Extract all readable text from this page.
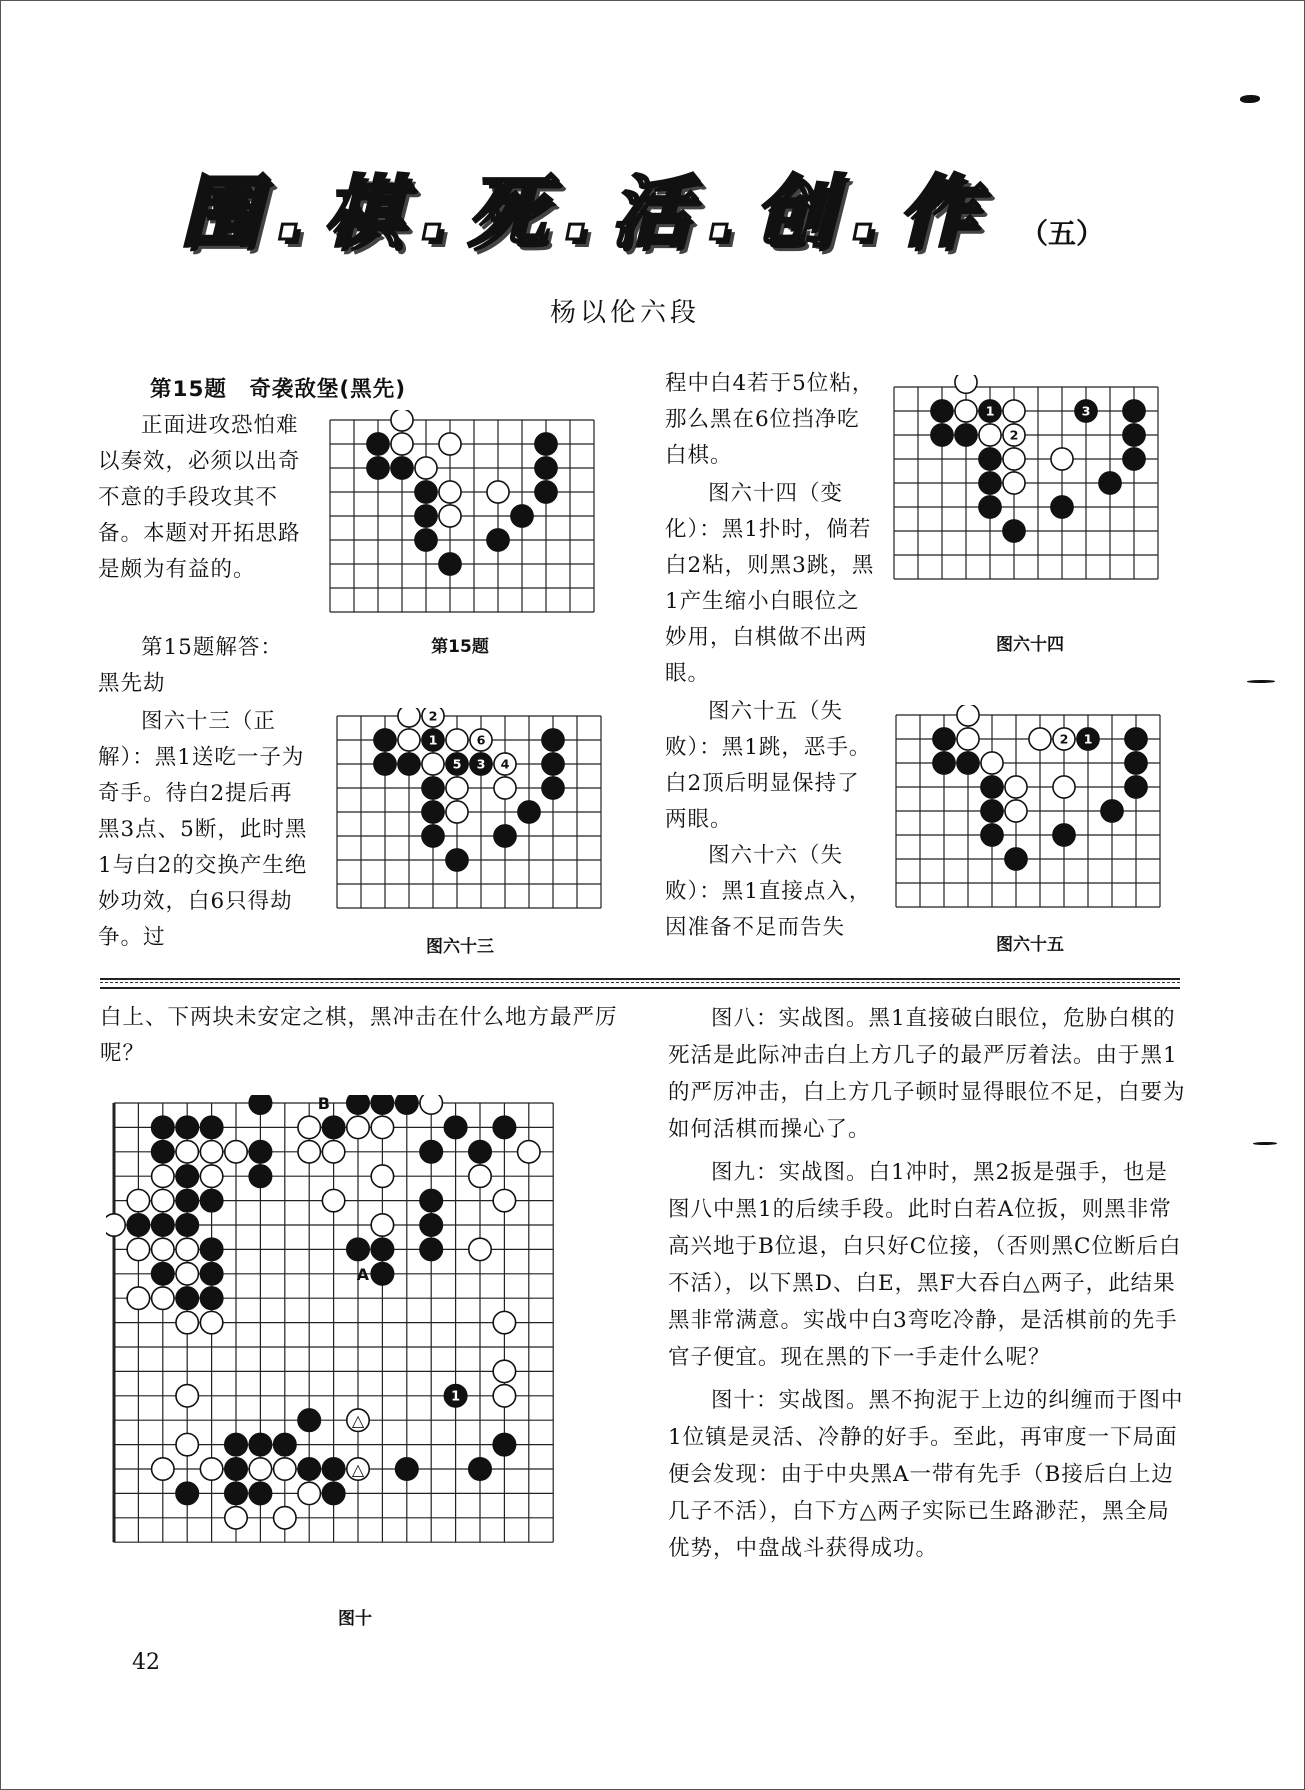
围.棋.死.活.创.作 （五）
杨以伦六段

第15题　奇袭敌堡(黑先)

正面进攻恐怕难以奏效，必须以出奇不意的手段攻其不备。本题对开拓思路是颇为有益的。

第15题解答：

黑先劫

图六十三（正解）：黑1送吃一子为奇手。待白2提后再黑3点、5断，此时黑1与白2的交换产生绝妙功效，白6只得劫争。过

第15题
2
1	6
5 3 4
图六十三

程中白4若于5位粘，那么黑在6位挡净吃白棋。

图六十四（变化）：黑1扑时，倘若白2粘，则黑3跳，黑1产生缩小白眼位之妙用，白棋做不出两眼。

图六十五（失败）：黑1跳，恶手。白2顶后明显保持了两眼。

图六十六（失败）：黑1直接点入，因准备不足而告失

1	3
2
图六十四
2 1
图六十五
白上、下两块未安定之棋，黑冲击在什么地方最严厉呢？
1
△
△
B
A
图十

图八：实战图。黑1直接破白眼位，危胁白棋的死活是此际冲击白上方几子的最严厉着法。由于黑1的严厉冲击，白上方几子顿时显得眼位不足，白要为如何活棋而操心了。

图九：实战图。白1冲时，黑2扳是强手，也是图八中黑1的后续手段。此时白若A位扳，则黑非常高兴地于B位退，白只好C位接，（否则黑C位断后白不活），以下黑D、白E，黑F大吞白△两子，此结果黑非常满意。实战中白3弯吃冷静，是活棋前的先手官子便宜。现在黑的下一手走什么呢？

图十：实战图。黑不拘泥于上边的纠缠而于图中1位镇是灵活、冷静的好手。至此，再审度一下局面便会发现：由于中央黑A一带有先手（B接后白上边几子不活），白下方△两子实际已生路渺茫，黑全局优势，中盘战斗获得成功。

42
